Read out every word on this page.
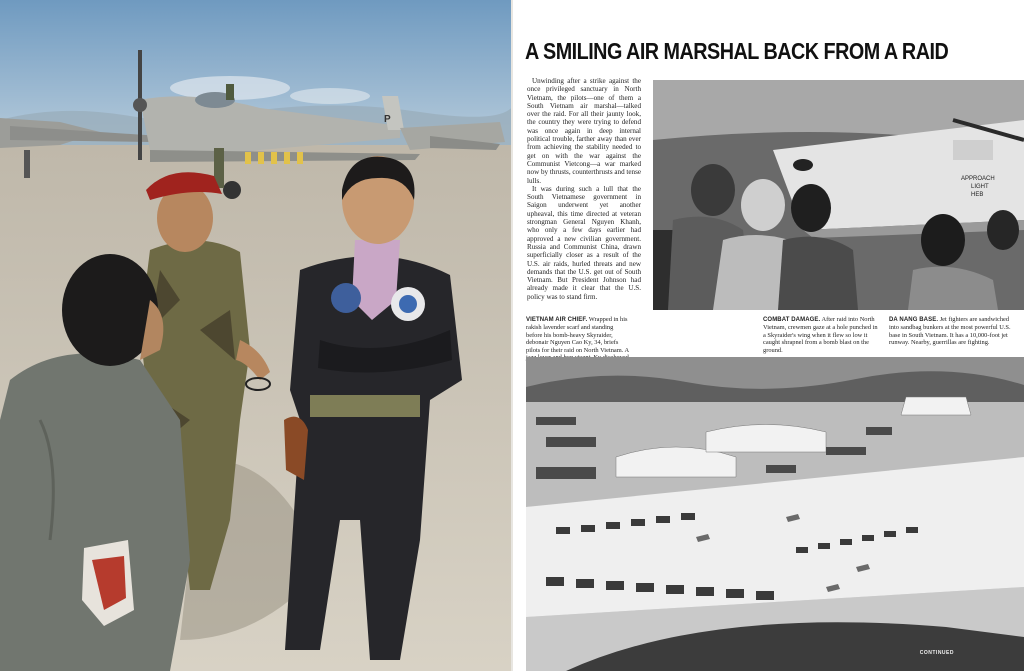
P
A SMILING AIR MARSHAL BACK FROM A RAID

Unwinding after a strike against the once privileged sanctuary in North Vietnam, the pilots—one of them a South Vietnam air marshal—talked over the raid. For all their jaunty look, the country they were trying to defend was once again in deep internal political trouble, farther away than ever from achieving the stability needed to get on with the war against the Communist Vietcong—a war marked now by thrusts, counterthrusts and tense lulls.

It was during such a lull that the South Vietnamese government in Saigon underwent yet another upheaval, this time directed at veteran strongman General Nguyen Khanh, who only a few days earlier had approved a new civilian government. Russia and Communist China, drawn superficially closer as a result of the U.S. air raids, hurled threats and new demands that the U.S. get out of South Vietnam. But President Johnson had already made it clear that the U.S. policy was to stand firm.

APPROACH
LIGHT
HEB
VIETNAM AIR CHIEF. Wrapped in his rakish lavender scarf and standing before his bomb-heavy Skyraider, debonair Nguyen Cao Ky, 34, briefs pilots for their raid on North Vietnam. A
COMBAT DAMAGE. After raid into North Vietnam, crewmen gaze at a hole punched in a Skyraider's wing when it flew so low it caught shrapnel from a bomb blast on the ground.
DA NANG BASE. Jet fighters are sandwiched into sandbag bunkers at the most powerful U.S. base in South Vietnam. It has a 10,000-foot jet runway. Nearby, guerrillas are fighting.
CONTINUED
